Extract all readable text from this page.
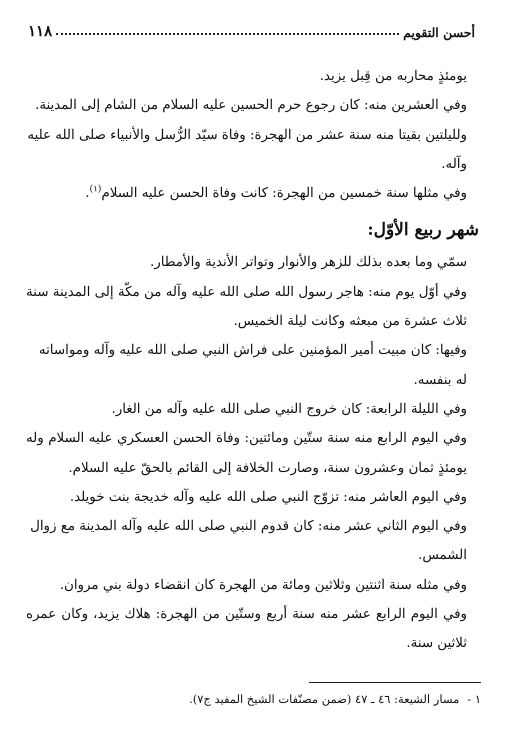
أحسن التقويم
١١٨

يومئذٍ محاربه من قِبل يزيد.

وفي العشرين منه: كان رجوع حرم الحسين عليه السلام من الشام إلى المدينة.

ولليلتين بقيتا منه سنة عشر من الهجرة: وفاة سيّد الرُّسل والأنبياء صلى الله عليه وآله.

وفي مثلها سنة خمسين من الهجرة: كانت وفاة الحسن عليه السلام$^{(١)}$.

شهر ربيع الأوّل:

سمّي وما بعده بذلك للزهر والأنوار وتواتر الأندية والأمطار.

وفي أوّل يوم منه: هاجر رسول الله صلى الله عليه وآله من مكّة إلى المدينة سنة ثلاث عشرة من مبعثه وكانت ليلة الخميس.

وفيها: كان مبيت أمير المؤمنين على فراش النبي صلى الله عليه وآله ومواساته له بنفسه.

وفي الليلة الرابعة: كان خروج النبي صلى الله عليه وآله من الغار.

وفي اليوم الرابع منه سنة ستّين ومائتين: وفاة الحسن العسكري عليه السلام وله يومئذٍ ثمان وعشرون سنة، وصارت الخلافة إلى القائم بالحقّ عليه السلام.

وفي اليوم العاشر منه: تزوّج النبي صلى الله عليه وآله خديجة بنت خويلد.

وفي اليوم الثاني عشر منه: كان قدوم النبي صلى الله عليه وآله المدينة مع زوال الشمس.

وفي مثله سنة اثنتين وثلاثين ومائة من الهجرة كان انقضاء دولة بني مروان.

وفي اليوم الرابع عشر منه سنة أربع وستّين من الهجرة: هلاك يزيد، وكان عمره ثلاثين سنة.

١ -مسار الشيعة: ٤٦ ـ ٤٧ (ضمن مصنّفات الشيخ المفيد ج٧).
